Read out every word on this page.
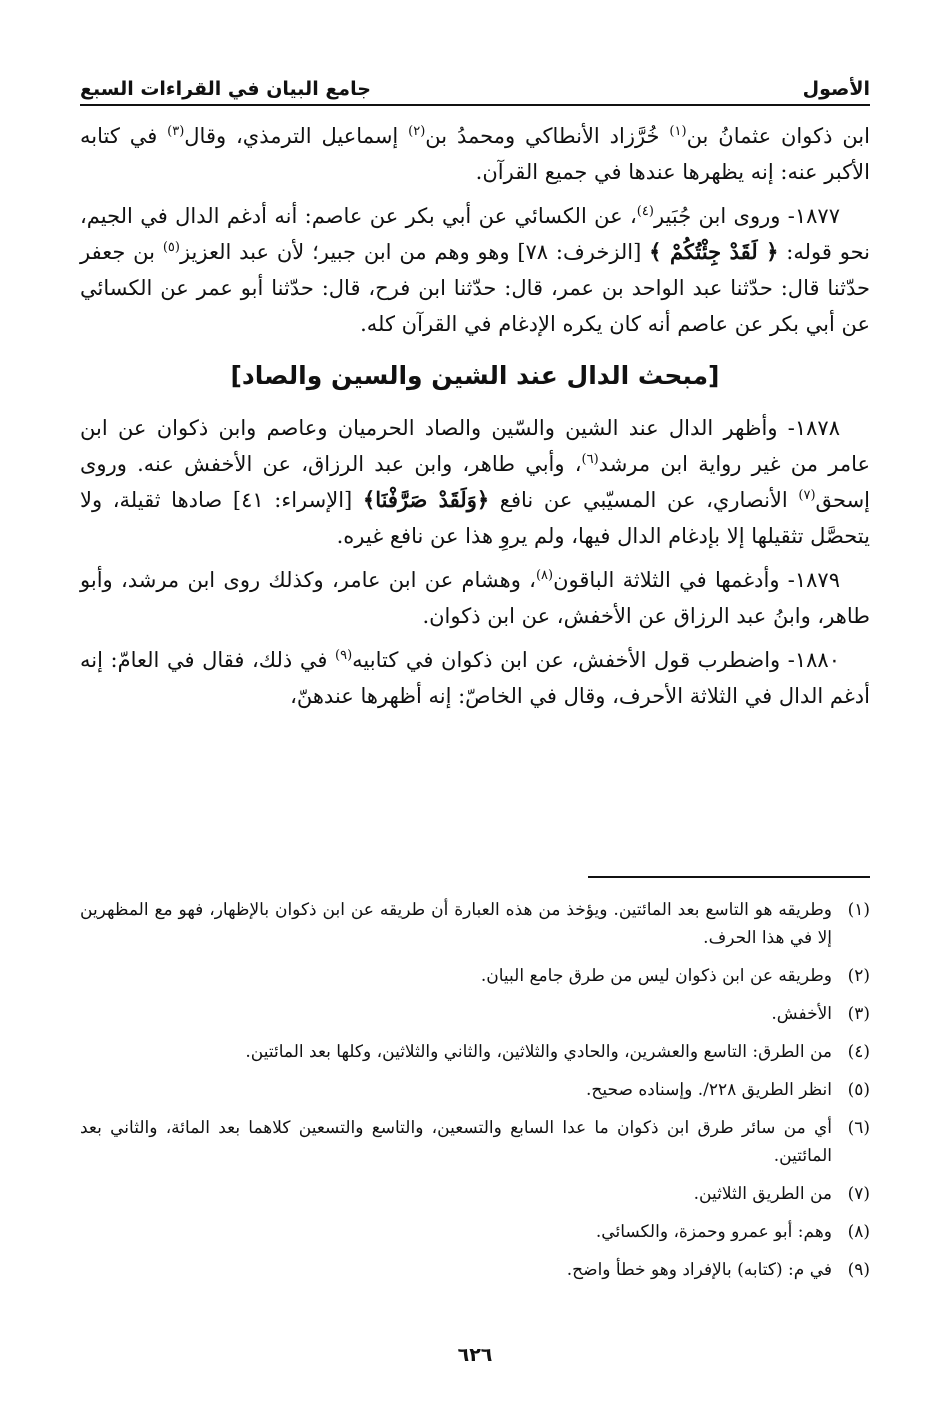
الأصول
جامع البيان في القراءات السبع

ابن ذكوان عثمانُ بن$^{(١)}$ خُرَّزاد الأنطاكي ومحمدُ بن$^{(٢)}$ إسماعيل الترمذي، وقال$^{(٣)}$ في كتابه الأكبر عنه: إنه يظهرها عندها في جميع القرآن.

١٨٧٧- وروى ابن جُبَير$^{(٤)}$، عن الكسائي عن أبي بكر عن عاصم: أنه أدغم الدال في الجيم، نحو قوله: ﴿ لَقَدْ جِئْتُكُمْ ﴾ [الزخرف: ٧٨] وهو وهم من ابن جبير؛ لأن عبد العزيز$^{(٥)}$ بن جعفر حدّثنا قال: حدّثنا عبد الواحد بن عمر، قال: حدّثنا ابن فرح، قال: حدّثنا أبو عمر عن الكسائي عن أبي بكر عن عاصم أنه كان يكره الإدغام في القرآن كله.

[مبحث الدال عند الشين والسين والصاد]

١٨٧٨- وأظهر الدال عند الشين والسّين والصاد الحرميان وعاصم وابن ذكوان عن ابن عامر من غير رواية ابن مرشد$^{(٦)}$، وأبي طاهر، وابن عبد الرزاق، عن الأخفش عنه. وروى إسحق$^{(٧)}$ الأنصاري، عن المسيّبي عن نافع ﴿وَلَقَدْ صَرَّفْنَا﴾ [الإسراء: ٤١] صادها ثقيلة، ولا يتحصَّل تثقيلها إلا بإدغام الدال فيها، ولم يروِ هذا عن نافع غيره.

١٨٧٩- وأدغمها في الثلاثة الباقون$^{(٨)}$، وهشام عن ابن عامر، وكذلك روى ابن مرشد، وأبو طاهر، وابنُ عبد الرزاق عن الأخفش، عن ابن ذكوان.

١٨٨٠- واضطرب قول الأخفش، عن ابن ذكوان في كتابيه$^{(٩)}$ في ذلك، فقال في العامّ: إنه أدغم الدال في الثلاثة الأحرف، وقال في الخاصّ: إنه أظهرها عندهنّ،

(١)
وطريقه هو التاسع بعد المائتين. ويؤخذ من هذه العبارة أن طريقه عن ابن ذكوان بالإظهار، فهو مع المظهرين إلا في هذا الحرف.
(٢)
وطريقه عن ابن ذكوان ليس من طرق جامع البيان.
(٣)
الأخفش.
(٤)
من الطرق: التاسع والعشرين، والحادي والثلاثين، والثاني والثلاثين، وكلها بعد المائتين.
(٥)
انظر الطريق ٢٢٨/. وإسناده صحيح.
(٦)
أي من سائر طرق ابن ذكوان ما عدا السابع والتسعين، والتاسع والتسعين كلاهما بعد المائة، والثاني بعد المائتين.
(٧)
من الطريق الثلاثين.
(٨)
وهم: أبو عمرو وحمزة، والكسائي.
(٩)
في م: (كتابه) بالإفراد وهو خطأ واضح.
٦٢٦
